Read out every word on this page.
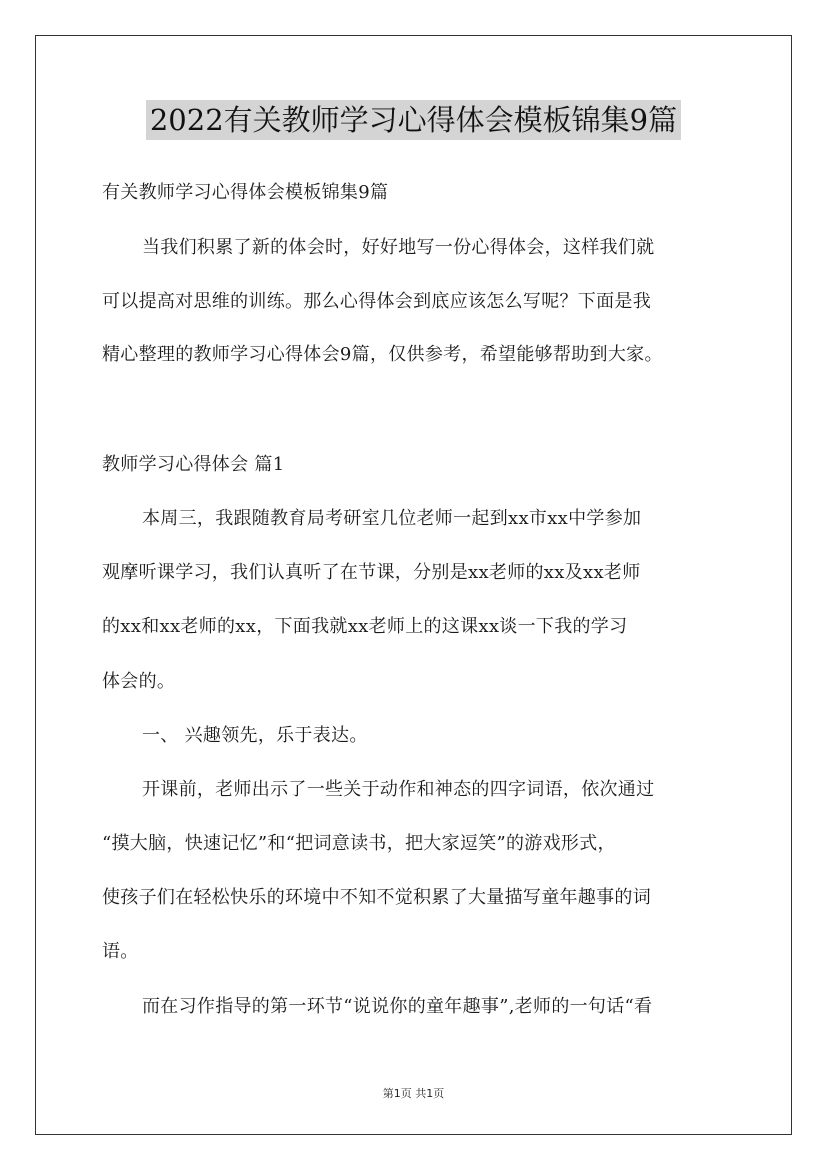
2022有关教师学习心得体会模板锦集9篇
有关教师学习心得体会模板锦集9篇
当我们积累了新的体会时，好好地写一份心得体会，这样我们就
可以提高对思维的训练。那么心得体会到底应该怎么写呢？下面是我
精心整理的教师学习心得体会9篇，仅供参考，希望能够帮助到大家。
教师学习心得体会 篇1
本周三，我跟随教育局考研室几位老师一起到xx市xx中学参加
观摩听课学习，我们认真听了在节课，分别是xx老师的xx及xx老师
的xx和xx老师的xx，下面我就xx老师上的这课xx谈一下我的学习
体会的。
一、 兴趣领先，乐于表达。
开课前，老师出示了一些关于动作和神态的四字词语，依次通过
“摸大脑，快速记忆”和“把词意读书，把大家逗笑”的游戏形式，
使孩子们在轻松快乐的环境中不知不觉积累了大量描写童年趣事的词
语。
而在习作指导的第一环节“说说你的童年趣事”,老师的一句话“看
第1页 共1页
